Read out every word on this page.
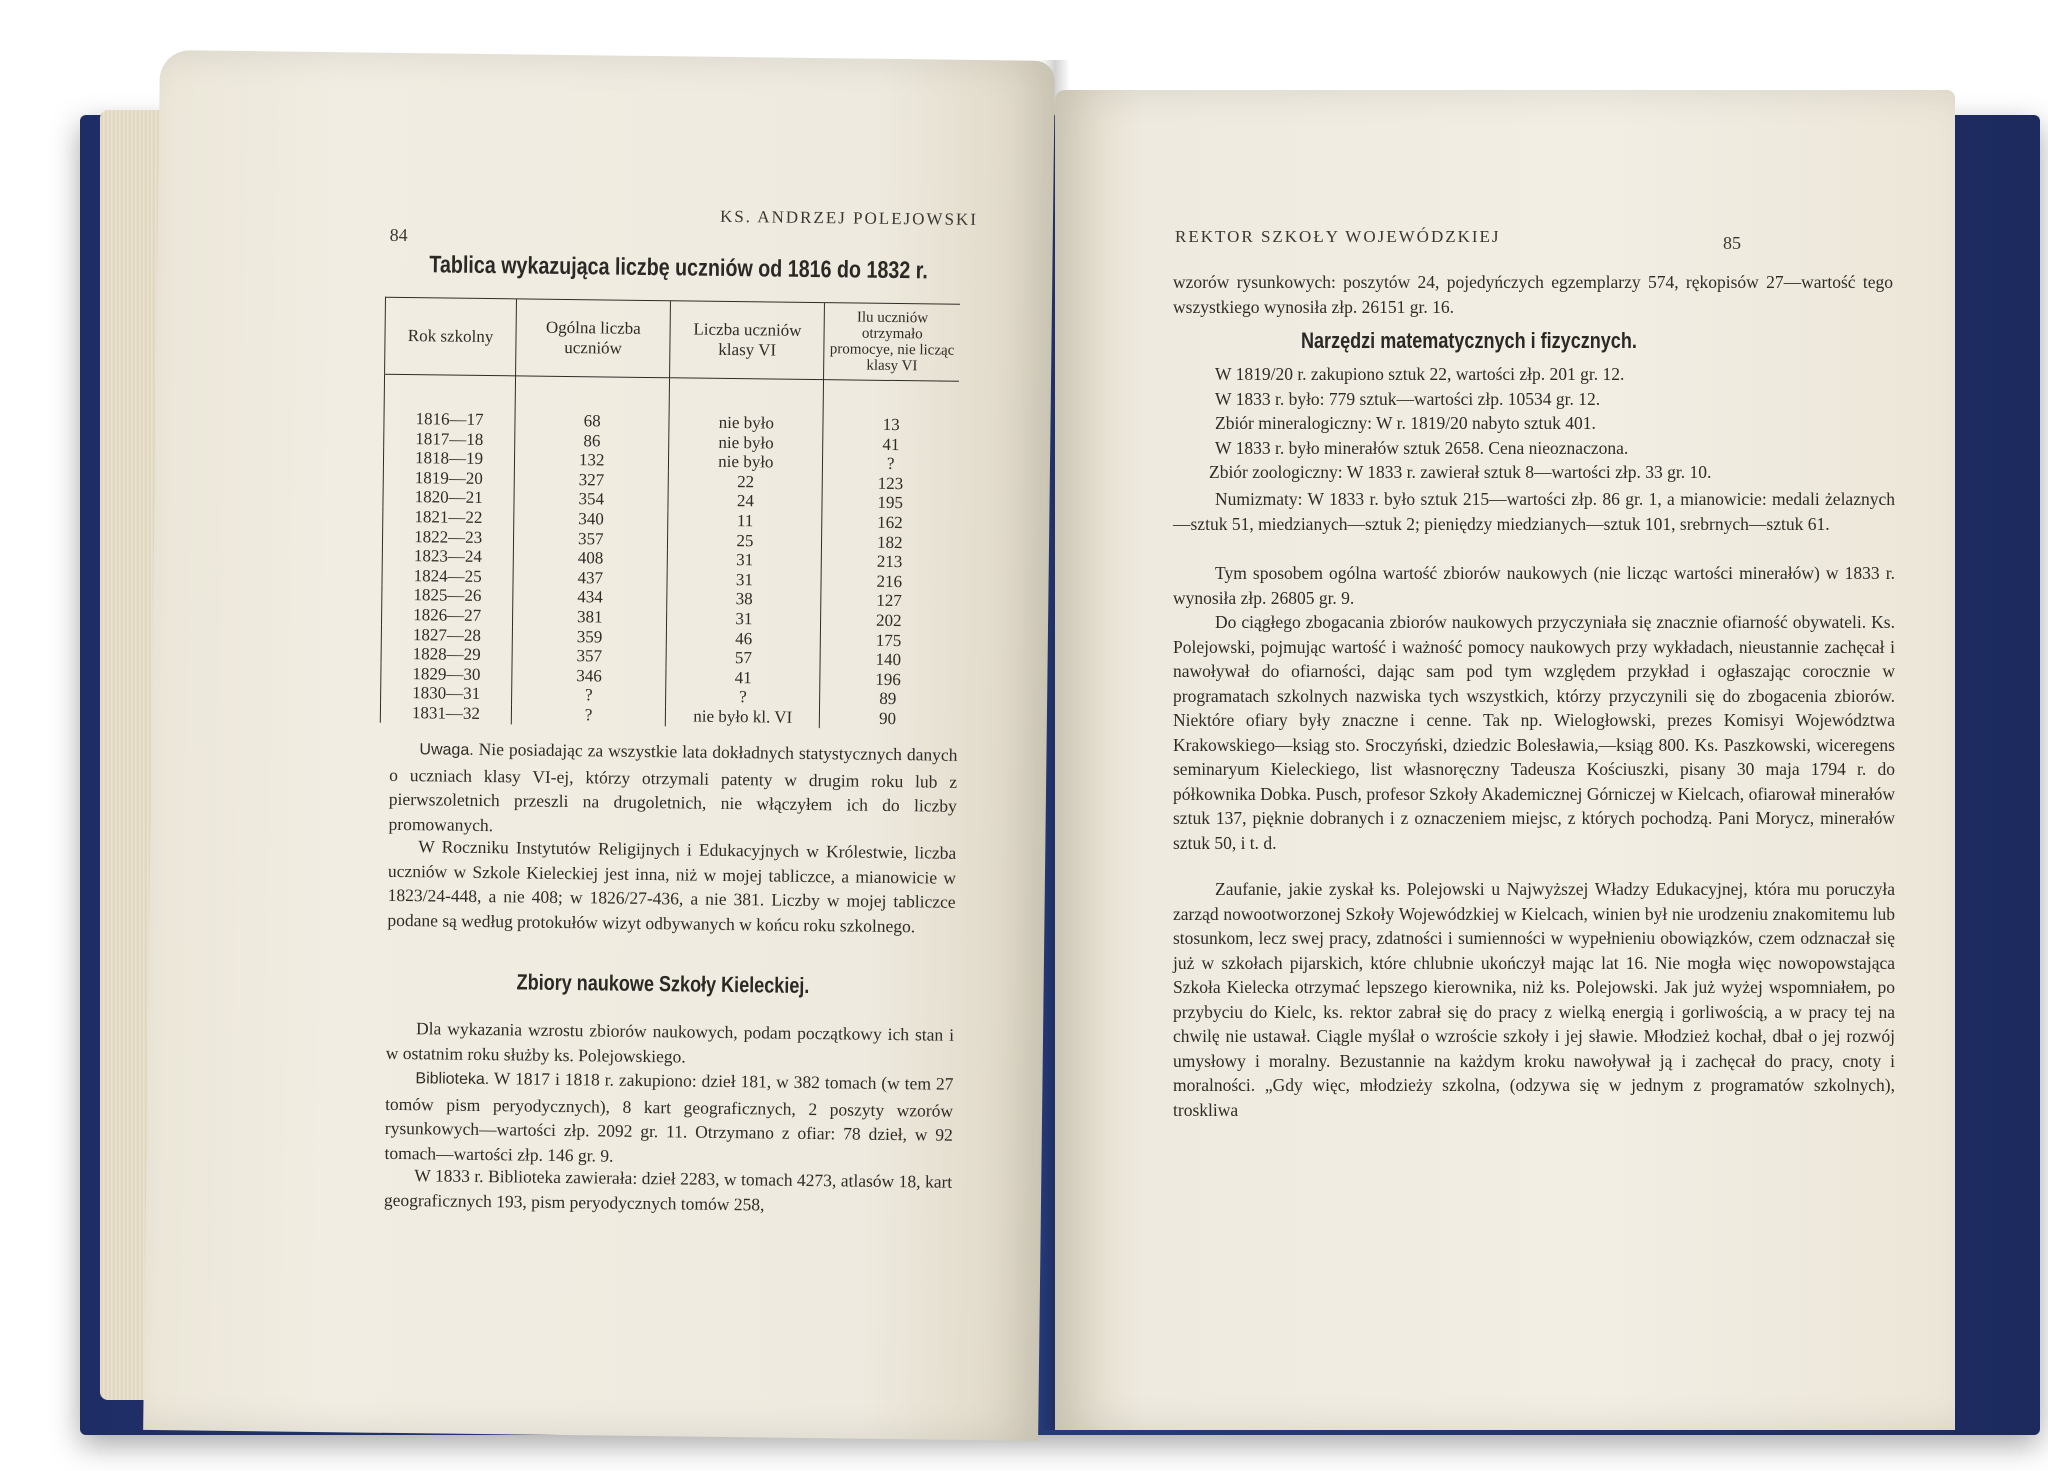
REKTOR SZKOŁY WOJEWÓDZKIEJ	85
wzorów rysunkowych: poszytów 24, pojedyńczych egzemplarzy 574, rękopisów 27—wartość tego wszystkiego wynosiła złp. 26151 gr. 16.
Narzędzi matematycznych i fizycznych.
W 1819/20 r. zakupiono sztuk 22, wartości złp. 201 gr. 12.
W 1833 r. było: 779 sztuk—wartości złp. 10534 gr. 12.
Zbiór mineralogiczny: W r. 1819/20 nabyto sztuk 401.
W 1833 r. było minerałów sztuk 2658. Cena nieoznaczona.
Zbiór zoologiczny: W 1833 r. zawierał sztuk 8—wartości złp. 33 gr. 10.
Numizmaty: W 1833 r. było sztuk 215—wartości złp. 86 gr. 1, a mianowicie: medali żelaznych—sztuk 51, miedzianych—sztuk 2; pieniędzy miedzianych—sztuk 101, srebrnych—sztuk 61.
Tym sposobem ogólna wartość zbiorów naukowych (nie licząc wartości minerałów) w 1833 r. wynosiła złp. 26805 gr. 9.
Do ciągłego zbogacania zbiorów naukowych przyczyniała się znacznie ofiarność obywateli. Ks. Polejowski, pojmując wartość i ważność pomocy naukowych przy wykładach, nieustannie zachęcał i nawoływał do ofiarności, dając sam pod tym względem przykład i ogłaszając corocznie w programatach szkolnych nazwiska tych wszystkich, którzy przyczynili się do zbogacenia zbiorów. Niektóre ofiary były znaczne i cenne. Tak np. Wielogłowski, prezes Komisyi Województwa Krakowskiego—ksiąg sto. Sroczyński, dziedzic Bolesławia,—ksiąg 800. Ks. Paszkowski, wiceregens seminaryum Kieleckiego, list własnoręczny Tadeusza Kościuszki, pisany 30 maja 1794 r. do półkownika Dobka. Pusch, profesor Szkoły Akademicznej Górniczej w Kielcach, ofiarował minerałów sztuk 137, pięknie dobranych i z oznaczeniem miejsc, z których pochodzą. Pani Morycz, minerałów sztuk 50, i t. d.
Zaufanie, jakie zyskał ks. Polejowski u Najwyższej Władzy Edukacyjnej, która mu poruczyła zarząd nowootworzonej Szkoły Wojewódzkiej w Kielcach, winien był nie urodzeniu znakomitemu lub stosunkom, lecz swej pracy, zdatności i sumienności w wypełnieniu obowiązków, czem odznaczał się już w szkołach pijarskich, które chlubnie ukończył mając lat 16. Nie mogła więc nowopowstająca Szkoła Kielecka otrzymać lepszego kierownika, niż ks. Polejowski. Jak już wyżej wspomniałem, po przybyciu do Kielc, ks. rektor zabrał się do pracy z wielką energią i gorliwością, a w pracy tej na chwilę nie ustawał. Ciągle myślał o wzroście szkoły i jej sławie. Młodzież kochał, dbał o jej rozwój umysłowy i moralny. Bezustannie na każdym kroku nawoływał ją i zachęcał do pracy, cnoty i moralności. „Gdy więc, młodzieży szkolna, (odzywa się w jednym z programatów szkolnych), troskliwa
84
KS. ANDRZEJ POLEJOWSKI
Tablica wykazująca liczbę uczniów od 1816 do 1832 r.
Rok szkolny	Ogólna liczba uczniów	Liczba uczniów klasy VI	Ilu uczniów otrzymało promocye, nie licząc klasy VI
1816—17	68	nie było	13
1817—18	86	nie było	41
1818—19	132	nie było	?
1819—20	327	22	123
1820—21	354	24	195
1821—22	340	11	162
1822—23	357	25	182
1823—24	408	31	213
1824—25	437	31	216
1825—26	434	38	127
1826—27	381	31	202
1827—28	359	46	175
1828—29	357	57	140
1829—30	346	41	196
1830—31	?	?	89
1831—32	?	nie było kl. VI	90
Uwaga. Nie posiadając za wszystkie lata dokładnych statystycznych danych o uczniach klasy VI-ej, którzy otrzymali patenty w drugim roku lub z pierwszoletnich przeszli na drugoletnich, nie włączyłem ich do liczby promowanych.
W Roczniku Instytutów Religijnych i Edukacyjnych w Królestwie, liczba uczniów w Szkole Kieleckiej jest inna, niż w mojej tabliczce, a mianowicie w 1823/24-448, a nie 408; w 1826/27-436, a nie 381. Liczby w mojej tabliczce podane są według protokułów wizyt odbywanych w końcu roku szkolnego.
Zbiory naukowe Szkoły Kieleckiej.
Dla wykazania wzrostu zbiorów naukowych, podam początkowy ich stan i w ostatnim roku służby ks. Polejowskiego.
Biblioteka. W 1817 i 1818 r. zakupiono: dzieł 181, w 382 tomach (w tem 27 tomów pism peryodycznych), 8 kart geograficznych, 2 poszyty wzorów rysunkowych—wartości złp. 2092 gr. 11. Otrzymano z ofiar: 78 dzieł, w 92 tomach—wartości złp. 146 gr. 9.
W 1833 r. Biblioteka zawierała: dzieł 2283, w tomach 4273, atlasów 18, kart geograficznych 193, pism peryodycznych tomów 258,
